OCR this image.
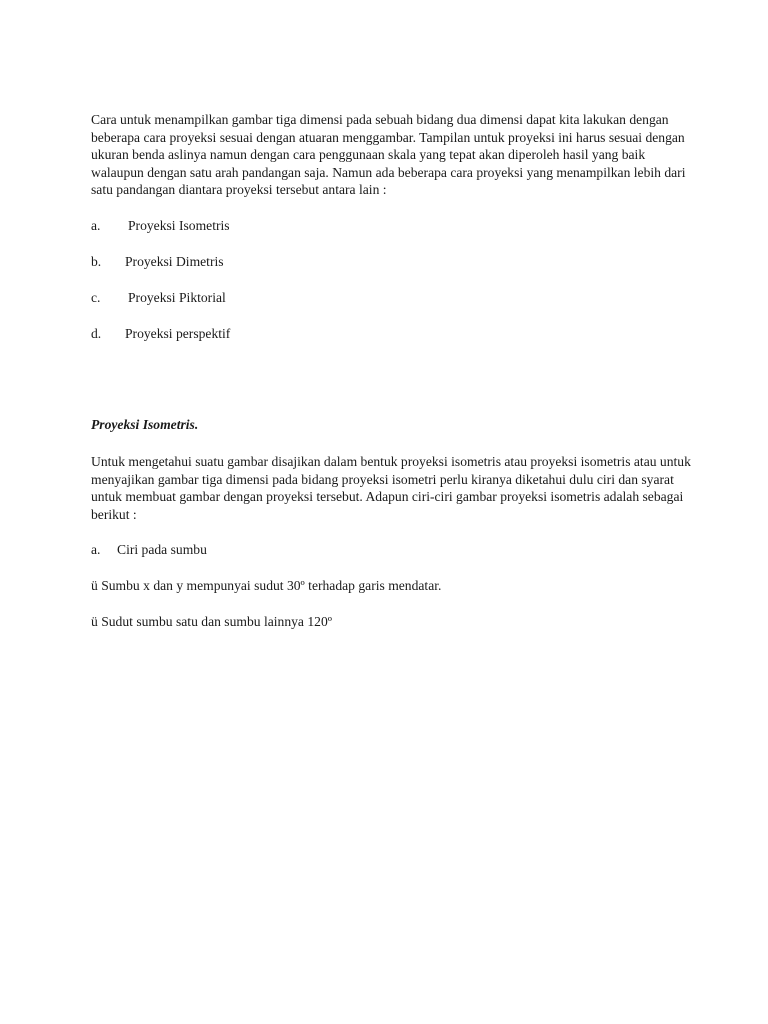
Cara untuk menampilkan gambar tiga dimensi pada sebuah bidang dua dimensi dapat kita lakukan dengan beberapa cara proyeksi sesuai dengan atuaran menggambar. Tampilan untuk proyeksi ini harus sesuai dengan ukuran benda aslinya namun dengan cara penggunaan skala yang tepat akan diperoleh hasil yang baik walaupun dengan satu arah pandangan saja. Namun ada beberapa cara proyeksi yang menampilkan lebih dari satu pandangan diantara proyeksi tersebut antara lain :

a.	Proyeksi Isometris
b.	Proyeksi Dimetris
c.	Proyeksi Piktorial
d.	Proyeksi perspektif

Proyeksi Isometris.

Untuk mengetahui suatu gambar disajikan dalam bentuk proyeksi isometris atau proyeksi isometris atau untuk menyajikan gambar tiga dimensi pada bidang proyeksi isometri perlu kiranya diketahui dulu ciri dan syarat untuk membuat gambar dengan proyeksi tersebut. Adapun ciri-ciri gambar proyeksi isometris adalah sebagai berikut :

a.	Ciri pada sumbu

ü Sumbu x dan y mempunyai sudut 30º terhadap garis mendatar.

ü Sudut sumbu satu dan sumbu lainnya 120º
